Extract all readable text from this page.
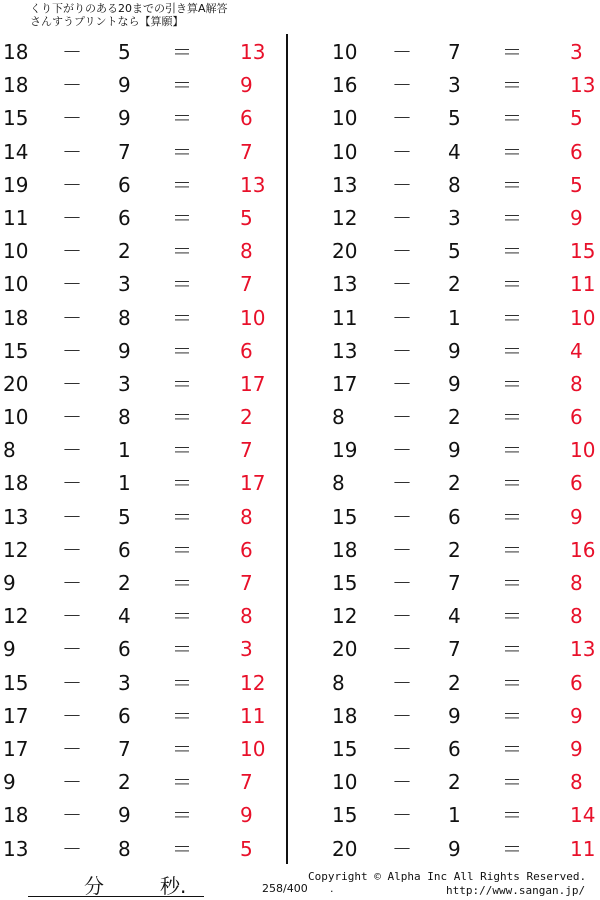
くり下がりのある20までの引き算A解答
さんすうプリントなら【算願】
18 － 5 ＝ 13
18 － 9 ＝ 9
15 － 9 ＝ 6
14 － 7 ＝ 7
19 － 6 ＝ 13
11 － 6 ＝ 5
10 － 2 ＝ 8
10 － 3 ＝ 7
18 － 8 ＝ 10
15 － 9 ＝ 6
20 － 3 ＝ 17
10 － 8 ＝ 2
8 － 1 ＝ 7
18 － 1 ＝ 17
13 － 5 ＝ 8
12 － 6 ＝ 6
9 － 2 ＝ 7
12 － 4 ＝ 8
9 － 6 ＝ 3
15 － 3 ＝ 12
17 － 6 ＝ 11
17 － 7 ＝ 10
9 － 2 ＝ 7
18 － 9 ＝ 9
13 － 8 ＝ 5
10 － 7 ＝ 3
16 － 3 ＝ 13
10 － 5 ＝ 5
10 － 4 ＝ 6
13 － 8 ＝ 5
12 － 3 ＝ 9
20 － 5 ＝ 15
13 － 2 ＝ 11
11 － 1 ＝ 10
13 － 9 ＝ 4
17 － 9 ＝ 8
8 － 2 ＝ 6
19 － 9 ＝ 10
8 － 2 ＝ 6
15 － 6 ＝ 9
18 － 2 ＝ 16
15 － 7 ＝ 8
12 － 4 ＝ 8
20 － 7 ＝ 13
8 － 2 ＝ 6
18 － 9 ＝ 9
15 － 6 ＝ 9
10 － 2 ＝ 8
15 － 1 ＝ 14
20 － 9 ＝ 11
分	秒.	258/400 .
Copyright © Alpha Inc All Rights Reserved.
http://www.sangan.jp/
